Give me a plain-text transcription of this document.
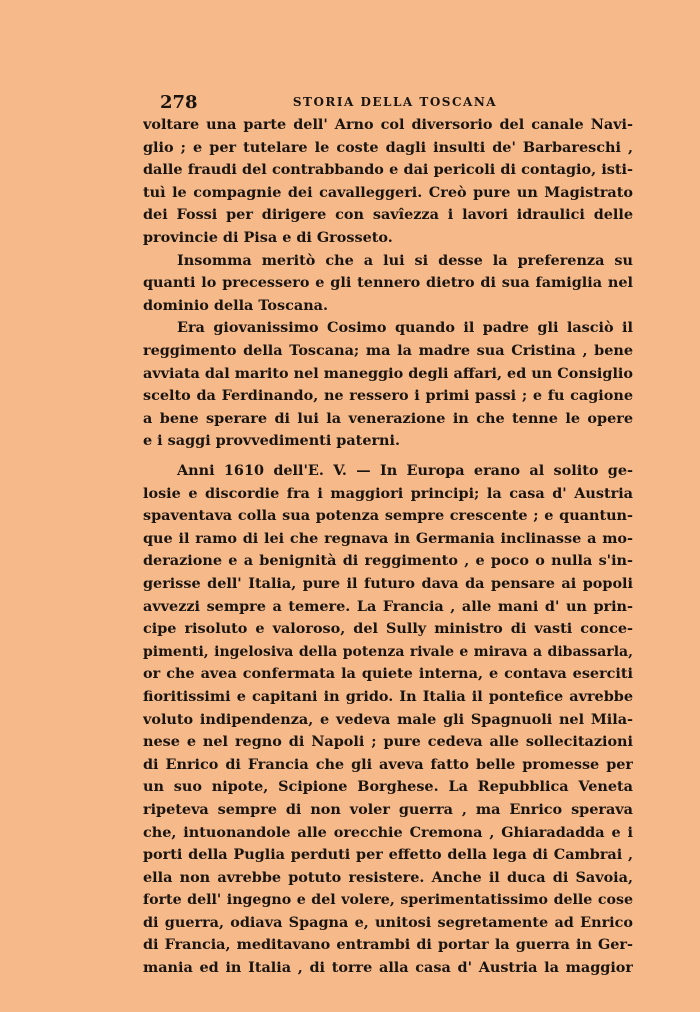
278	STORIA DELLA TOSCANA
voltare una parte dell' Arno col diversorio del canale Navi-
glio ; e per tutelare le coste dagli insulti de' Barbareschi ,
dalle fraudi del contrabbando e dai pericoli di contagio, isti-
tuì le compagnie dei cavalleggeri. Creò pure un Magistrato
dei Fossi per dirigere con savîezza i lavori idraulici delle
provincie di Pisa e di Grosseto.
Insomma meritò che a lui si desse la preferenza su
quanti lo precessero e gli tennero dietro di sua famiglia nel
dominio della Toscana.
Era giovanissimo Cosimo quando il padre gli lasciò il
reggimento della Toscana; ma la madre sua Cristina , bene
avviata dal marito nel maneggio degli affari, ed un Consiglio
scelto da Ferdinando, ne ressero i primi passi ; e fu cagione
a bene sperare di lui la venerazione in che tenne le opere
e i saggi provvedimenti paterni.
Anni 1610 dell'E. V. — In Europa erano al solito ge-
losie e discordie fra i maggiori principi; la casa d' Austria
spaventava colla sua potenza sempre crescente ; e quantun-
que il ramo di lei che regnava in Germania inclinasse a mo-
derazione e a benignità di reggimento , e poco o nulla s'in-
gerisse dell' Italia, pure il futuro dava da pensare ai popoli
avvezzi sempre a temere. La Francia , alle mani d' un prin-
cipe risoluto e valoroso, del Sully ministro di vasti conce-
pimenti, ingelosiva della potenza rivale e mirava a dibassarla,
or che avea confermata la quiete interna, e contava eserciti
fioritissimi e capitani in grido. In Italia il pontefice avrebbe
voluto indipendenza, e vedeva male gli Spagnuoli nel Mila-
nese e nel regno di Napoli ; pure cedeva alle sollecitazioni
di Enrico di Francia che gli aveva fatto belle promesse per
un suo nipote, Scipione Borghese. La Repubblica Veneta
ripeteva sempre di non voler guerra , ma Enrico sperava
che, intuonandole alle orecchie Cremona , Ghiaradadda e i
porti della Puglia perduti per effetto della lega di Cambrai ,
ella non avrebbe potuto resistere. Anche il duca di Savoia,
forte dell' ingegno e del volere, sperimentatissimo delle cose
di guerra, odiava Spagna e, unitosi segretamente ad Enrico
di Francia, meditavano entrambi di portar la guerra in Ger-
mania ed in Italia , di torre alla casa d' Austria la maggior
